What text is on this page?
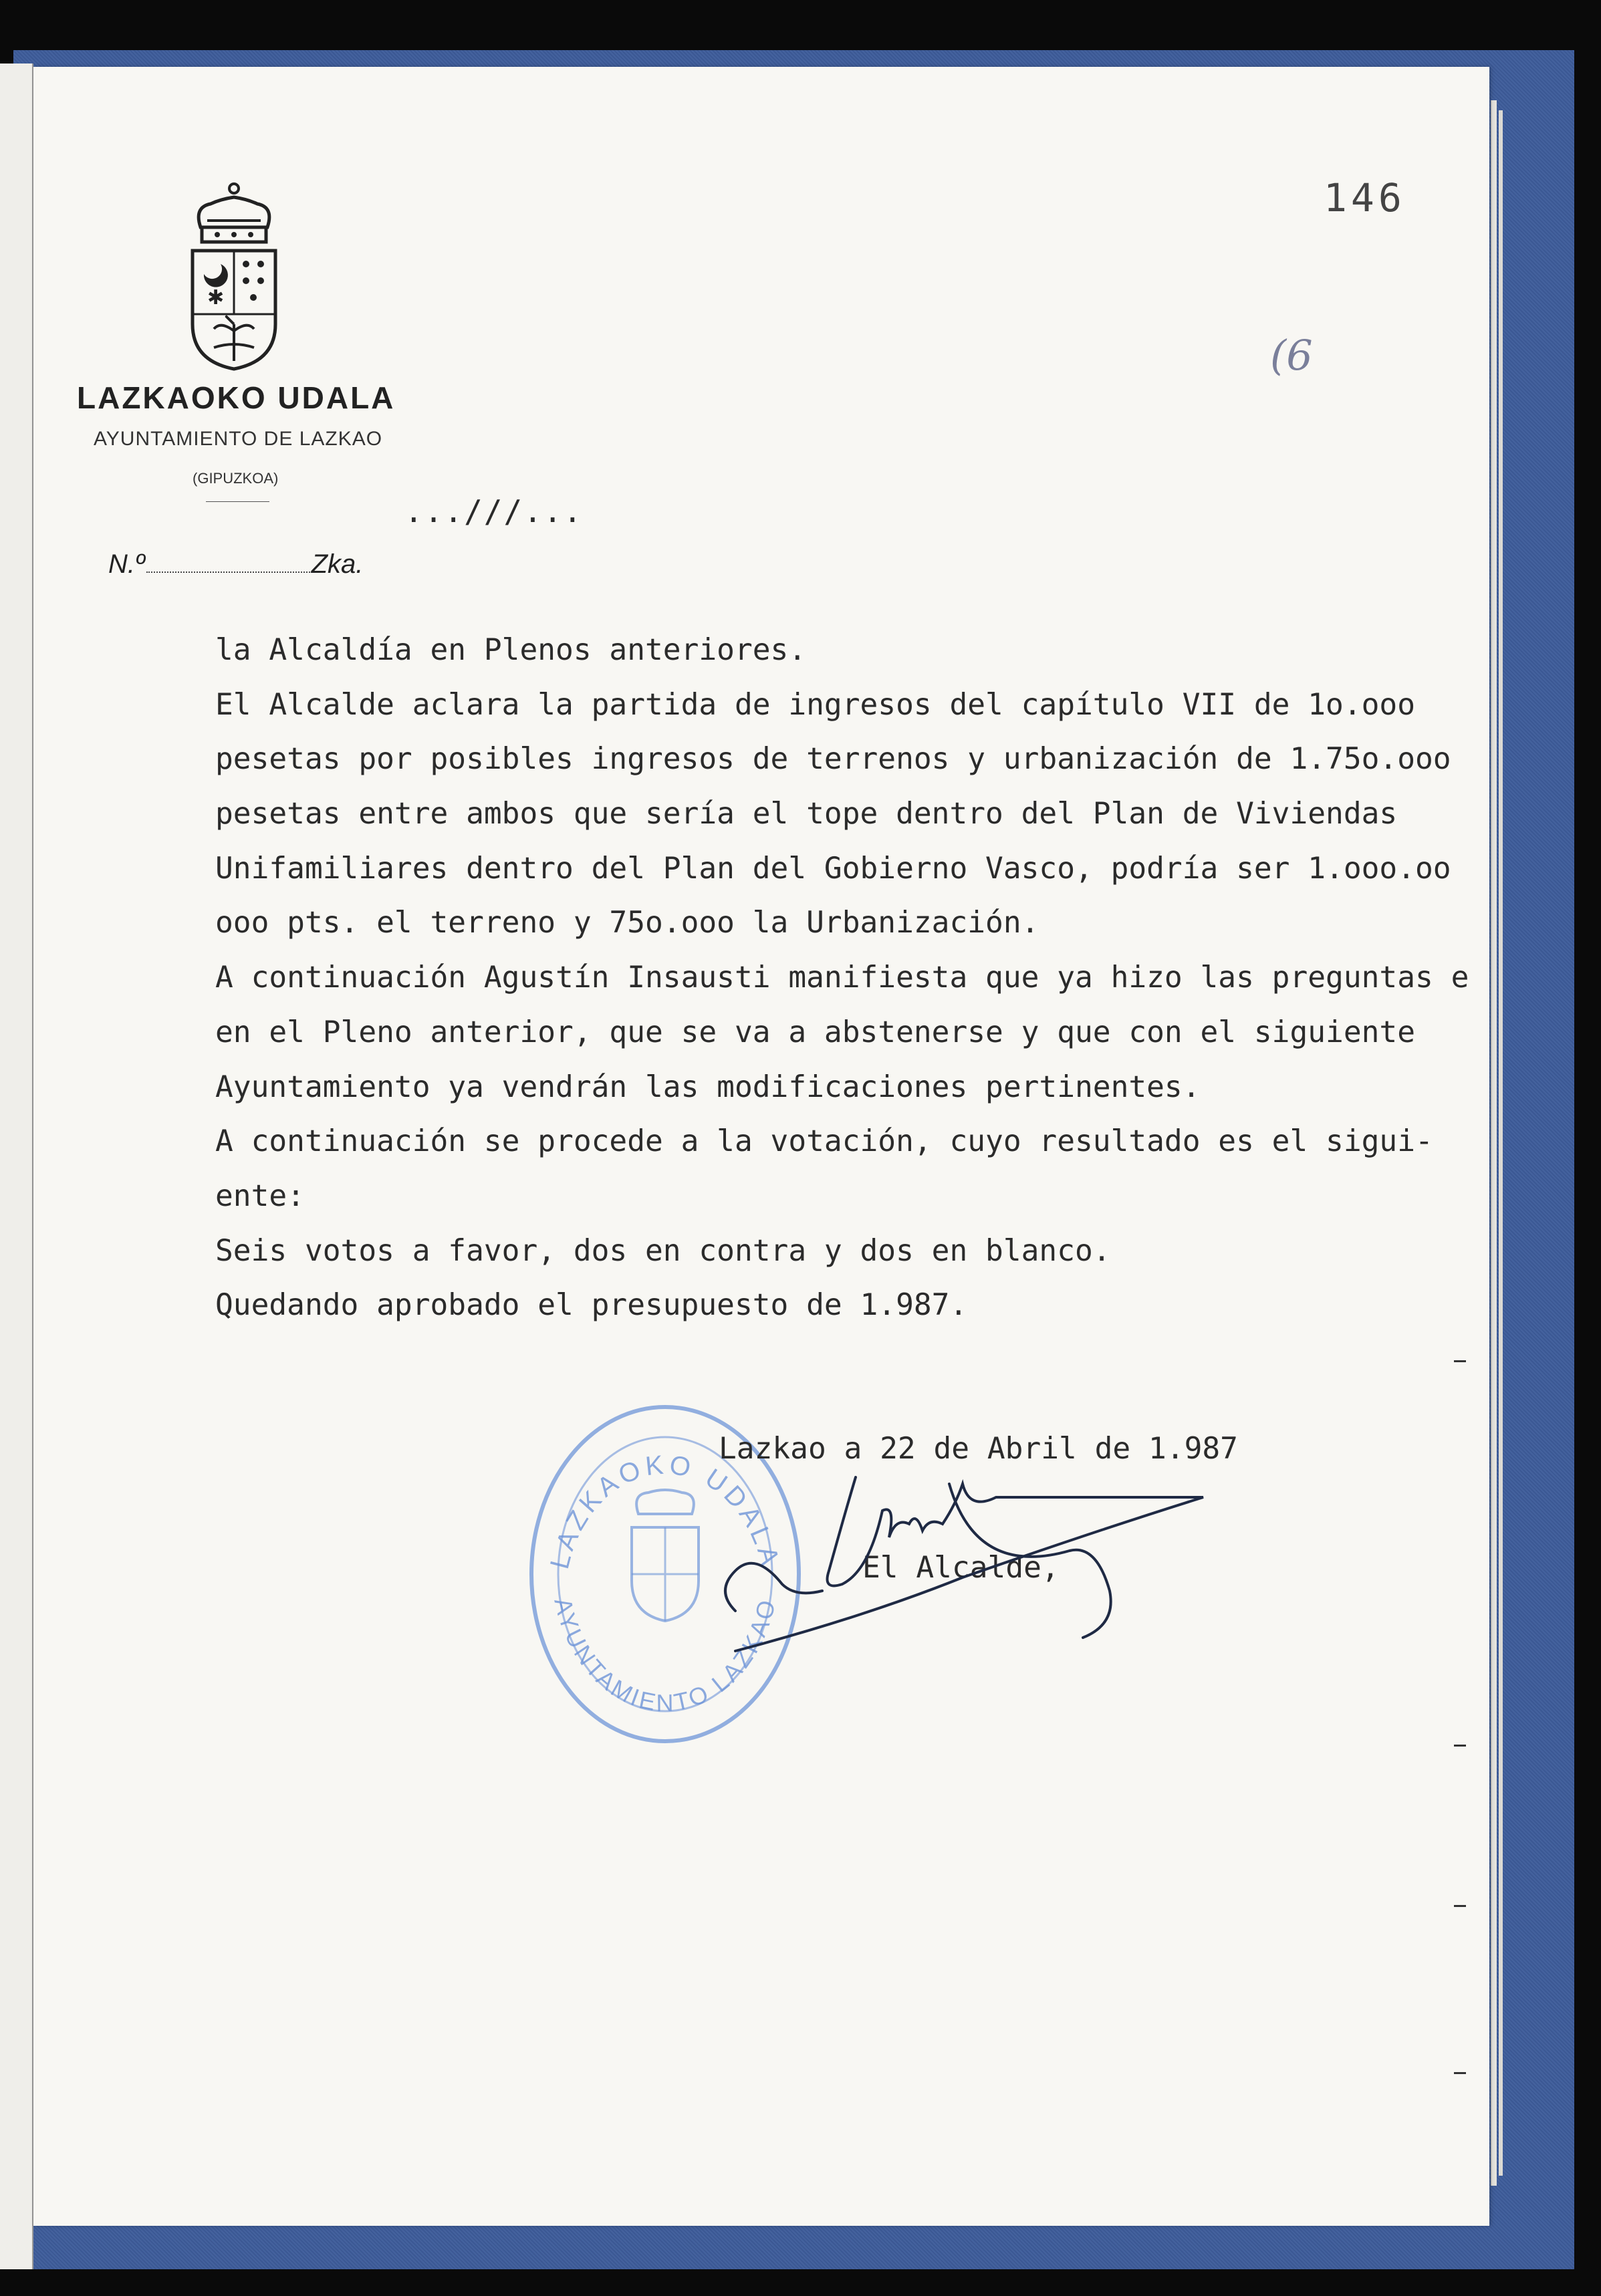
146
(6
✱
LAZKAOKO UDALA
AYUNTAMIENTO DE LAZKAO
(GIPUZKOA)
...///...
N.º	Zka.
la Alcaldía en Plenos anteriores.
El Alcalde aclara la partida de ingresos del capítulo VII de 1o.ooo
pesetas por posibles ingresos de terrenos y urbanización de 1.75o.ooo
pesetas entre ambos que sería el tope dentro del Plan de Viviendas
Unifamiliares dentro del Plan del Gobierno Vasco, podría ser 1.ooo.oo
ooo pts. el terreno y 75o.ooo la Urbanización.
A continuación Agustín Insausti manifiesta que ya hizo las preguntas e
en el Pleno anterior, que se va a abstenerse y que con el siguiente
Ayuntamiento ya vendrán las modificaciones pertinentes.
A continuación se procede a la votación, cuyo resultado es el sigui-
ente:
Seis votos a favor, dos en contra y dos en blanco.
Quedando aprobado el presupuesto de 1.987.
LAZKAOKO UDALA
AYUNTAMIENTO LAZKAO
Lazkao a 22 de Abril de 1.987
El Alcalde,
